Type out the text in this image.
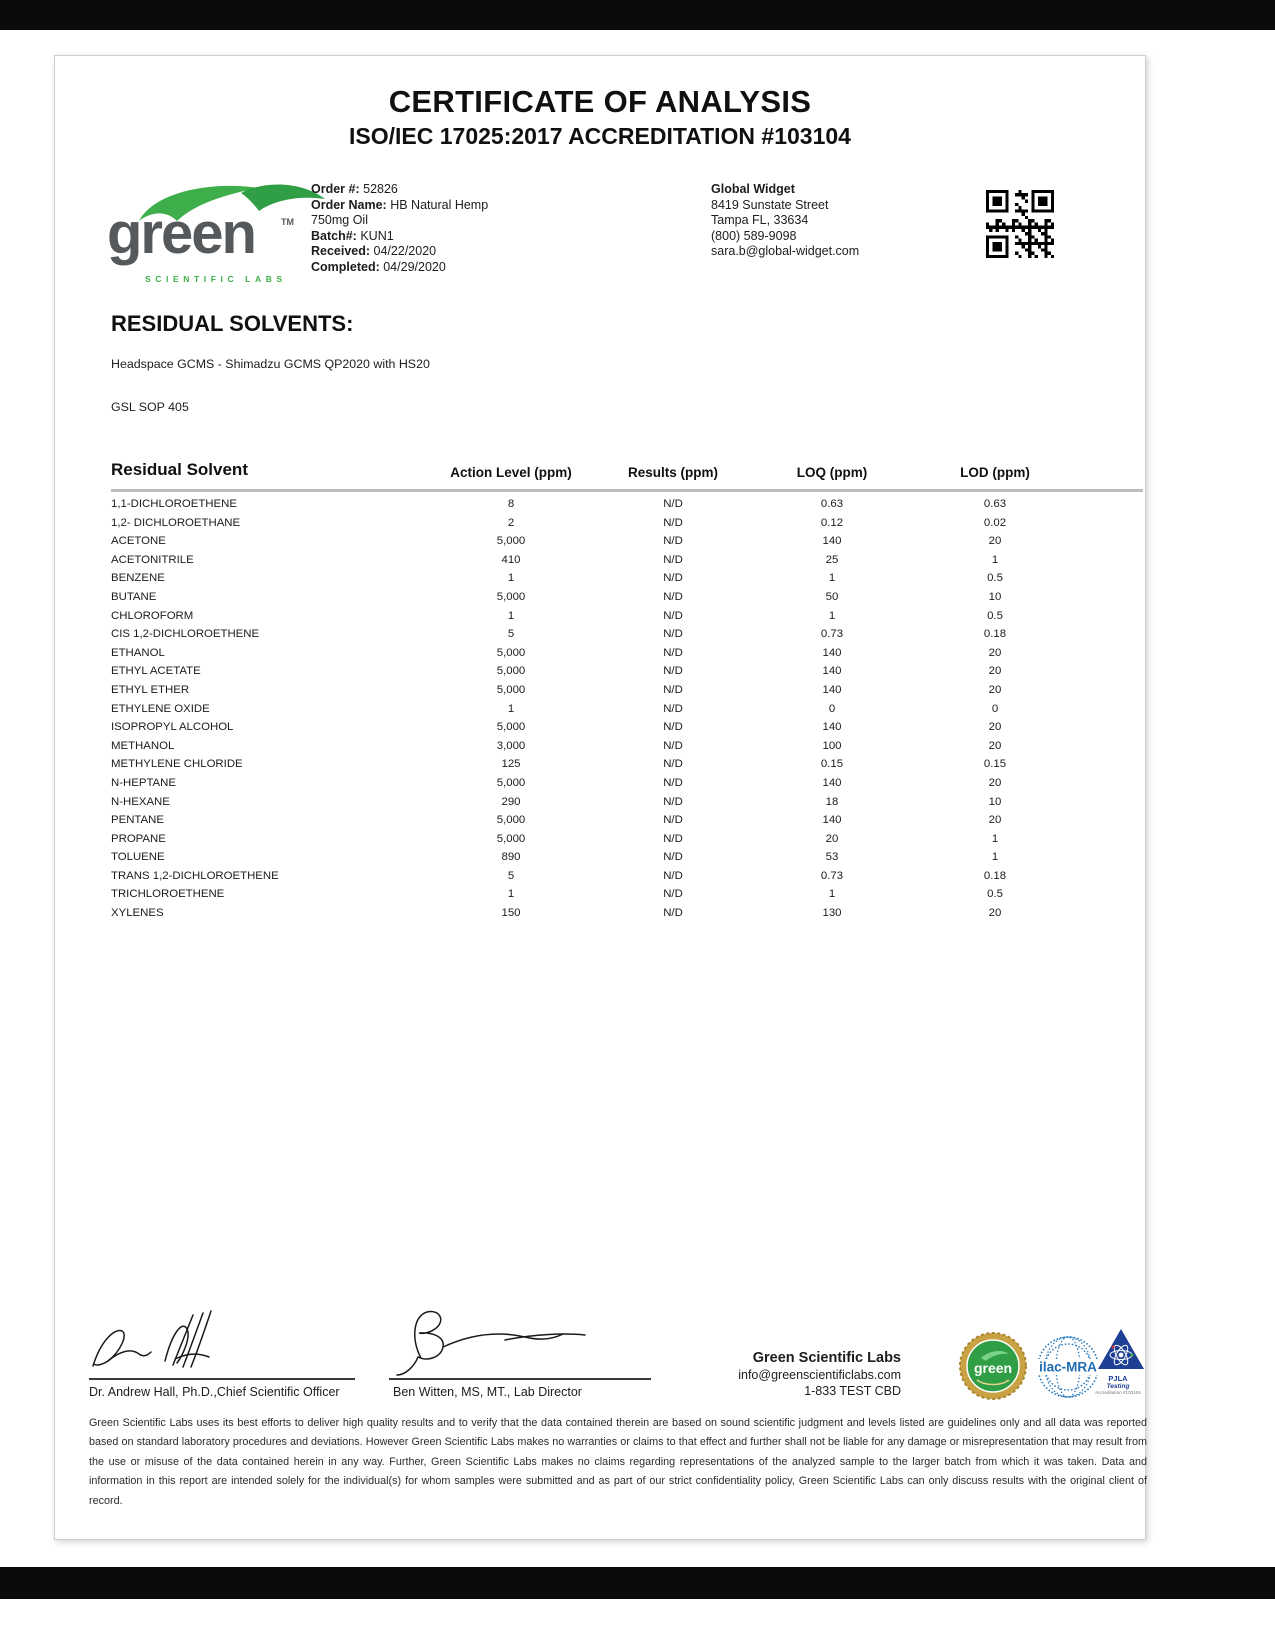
CERTIFICATE OF ANALYSIS
ISO/IEC 17025:2017 ACCREDITATION #103104
green	TM
SCIENTIFIC LABS
Order #: 52826
Order Name: HB Natural Hemp
750mg Oil
Batch#: KUN1
Received: 04/22/2020
Completed: 04/29/2020
Global Widget
8419 Sunstate Street
Tampa FL, 33634
(800) 589-9098
sara.b@global-widget.com
RESIDUAL SOLVENTS:
Headspace GCMS - Shimadzu GCMS QP2020 with HS20
GSL SOP 405
Residual Solvent	Action Level (ppm)	Results (ppm)	LOQ (ppm)	LOD (ppm)	
1,1-DICHLOROETHENE	8	N/D	0.63	0.63	
1,2- DICHLOROETHANE	2	N/D	0.12	0.02	
ACETONE	5,000	N/D	140	20	
ACETONITRILE	410	N/D	25	1	
BENZENE	1	N/D	1	0.5	
BUTANE	5,000	N/D	50	10	
CHLOROFORM	1	N/D	1	0.5	
CIS 1,2-DICHLOROETHENE	5	N/D	0.73	0.18	
ETHANOL	5,000	N/D	140	20	
ETHYL ACETATE	5,000	N/D	140	20	
ETHYL ETHER	5,000	N/D	140	20	
ETHYLENE OXIDE	1	N/D	0	0	
ISOPROPYL ALCOHOL	5,000	N/D	140	20	
METHANOL	3,000	N/D	100	20	
METHYLENE CHLORIDE	125	N/D	0.15	0.15	
N-HEPTANE	5,000	N/D	140	20	
N-HEXANE	290	N/D	18	10	
PENTANE	5,000	N/D	140	20	
PROPANE	5,000	N/D	20	1	
TOLUENE	890	N/D	53	1	
TRANS 1,2-DICHLOROETHENE	5	N/D	0.73	0.18	
TRICHLOROETHENE	1	N/D	1	0.5	
XYLENES	150	N/D	130	20	
Dr. Andrew Hall, Ph.D.,Chief Scientific Officer	Ben Witten, MS, MT., Lab Director
Green Scientific Labs
info@greenscientificlabs.com
1-833 TEST CBD
green ilac-MRA
PJLA
Testing
Accreditation #103104
Green Scientific Labs uses its best efforts to deliver high quality results and to verify that the data contained therein are based on sound scientific judgment and levels listed are guidelines only and all data was reported based on standard laboratory procedures and deviations. However Green Scientific Labs makes no warranties or claims to that effect and further shall not be liable for any damage or misrepresentation that may result from the use or misuse of the data contained herein in any way. Further, Green Scientific Labs makes no claims regarding representations of the analyzed sample to the larger batch from which it was taken. Data and information in this report are intended solely for the individual(s) for whom samples were submitted and as part of our strict confidentiality policy, Green Scientific Labs can only discuss results with the original client of record.
